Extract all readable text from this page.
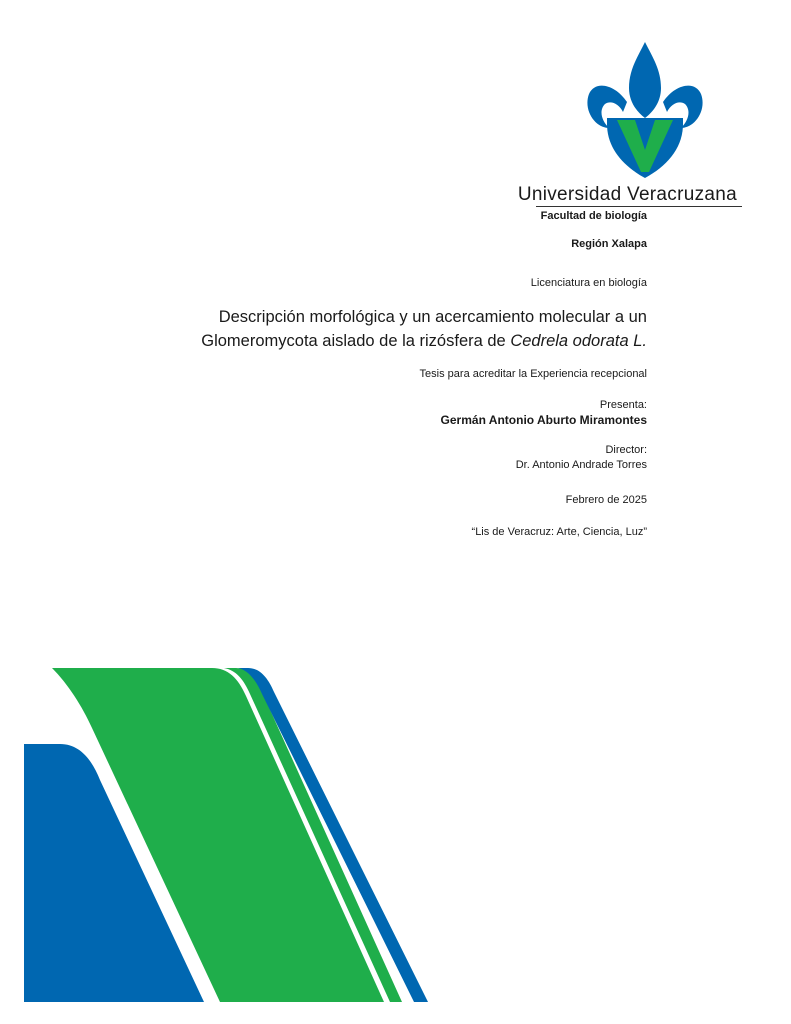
Universidad Veracruzana
Facultad de biología
Región Xalapa
Licenciatura en biología
Descripción morfológica y un acercamiento molecular a un
Glomeromycota aislado de la rizósfera de Cedrela odorata L.
Tesis para acreditar la Experiencia recepcional
Presenta:
Germán Antonio Aburto Miramontes
Director:
Dr. Antonio Andrade Torres
Febrero de 2025
“Lis de Veracruz: Arte, Ciencia, Luz”
